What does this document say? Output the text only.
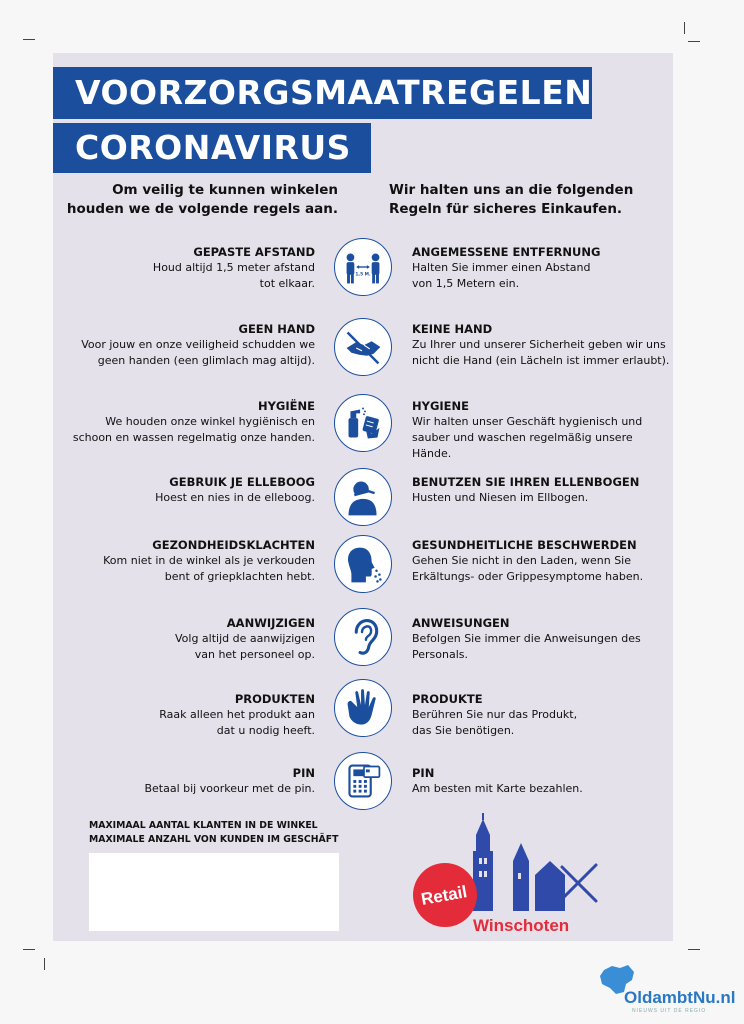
VOORZORGSMAATREGELEN
CORONAVIRUS
Om veilig te kunnen winkelen
houden we de volgende regels aan.
Wir halten uns an die folgenden
Regeln für sicheres Einkaufen.
GEPASTE AFSTAND
Houd altijd 1,5 meter afstand
tot elkaar.
1,5 M.
ANGEMESSENE ENTFERNUNG
Halten Sie immer einen Abstand
von 1,5 Metern ein.
GEEN HAND
Voor jouw en onze veiligheid schudden we
geen handen (een glimlach mag altijd).
KEINE HAND
Zu Ihrer und unserer Sicherheit geben wir uns
nicht die Hand (ein Lächeln ist immer erlaubt).
HYGIËNE
We houden onze winkel hygiënisch en
schoon en wassen regelmatig onze handen.
HYGIENE
Wir halten unser Geschäft hygienisch und
sauber und waschen regelmäßig unsere
Hände.
GEBRUIK JE ELLEBOOG
Hoest en nies in de elleboog.
BENUTZEN SIE IHREN ELLENBOGEN
Husten und Niesen im Ellbogen.
GEZONDHEIDSKLACHTEN
Kom niet in de winkel als je verkouden
bent of griepklachten hebt.
GESUNDHEITLICHE BESCHWERDEN
Gehen Sie nicht in den Laden, wenn Sie
Erkältungs- oder Grippesymptome haben.
AANWIJZIGEN
Volg altijd de aanwijzigen
van het personeel op.
ANWEISUNGEN
Befolgen Sie immer die Anweisungen des
Personals.
PRODUKTEN
Raak alleen het produkt aan
dat u nodig heeft.
PRODUKTE
Berühren Sie nur das Produkt,
das Sie benötigen.
PIN
Betaal bij voorkeur met de pin.
PIN
Am besten mit Karte bezahlen.
MAXIMAAL AANTAL KLANTEN IN DE WINKEL
MAXIMALE ANZAHL VON KUNDEN IM GESCHÄFT
Retail
Winschoten
OldambtNu.nl
NIEUWS UIT DE REGIO
